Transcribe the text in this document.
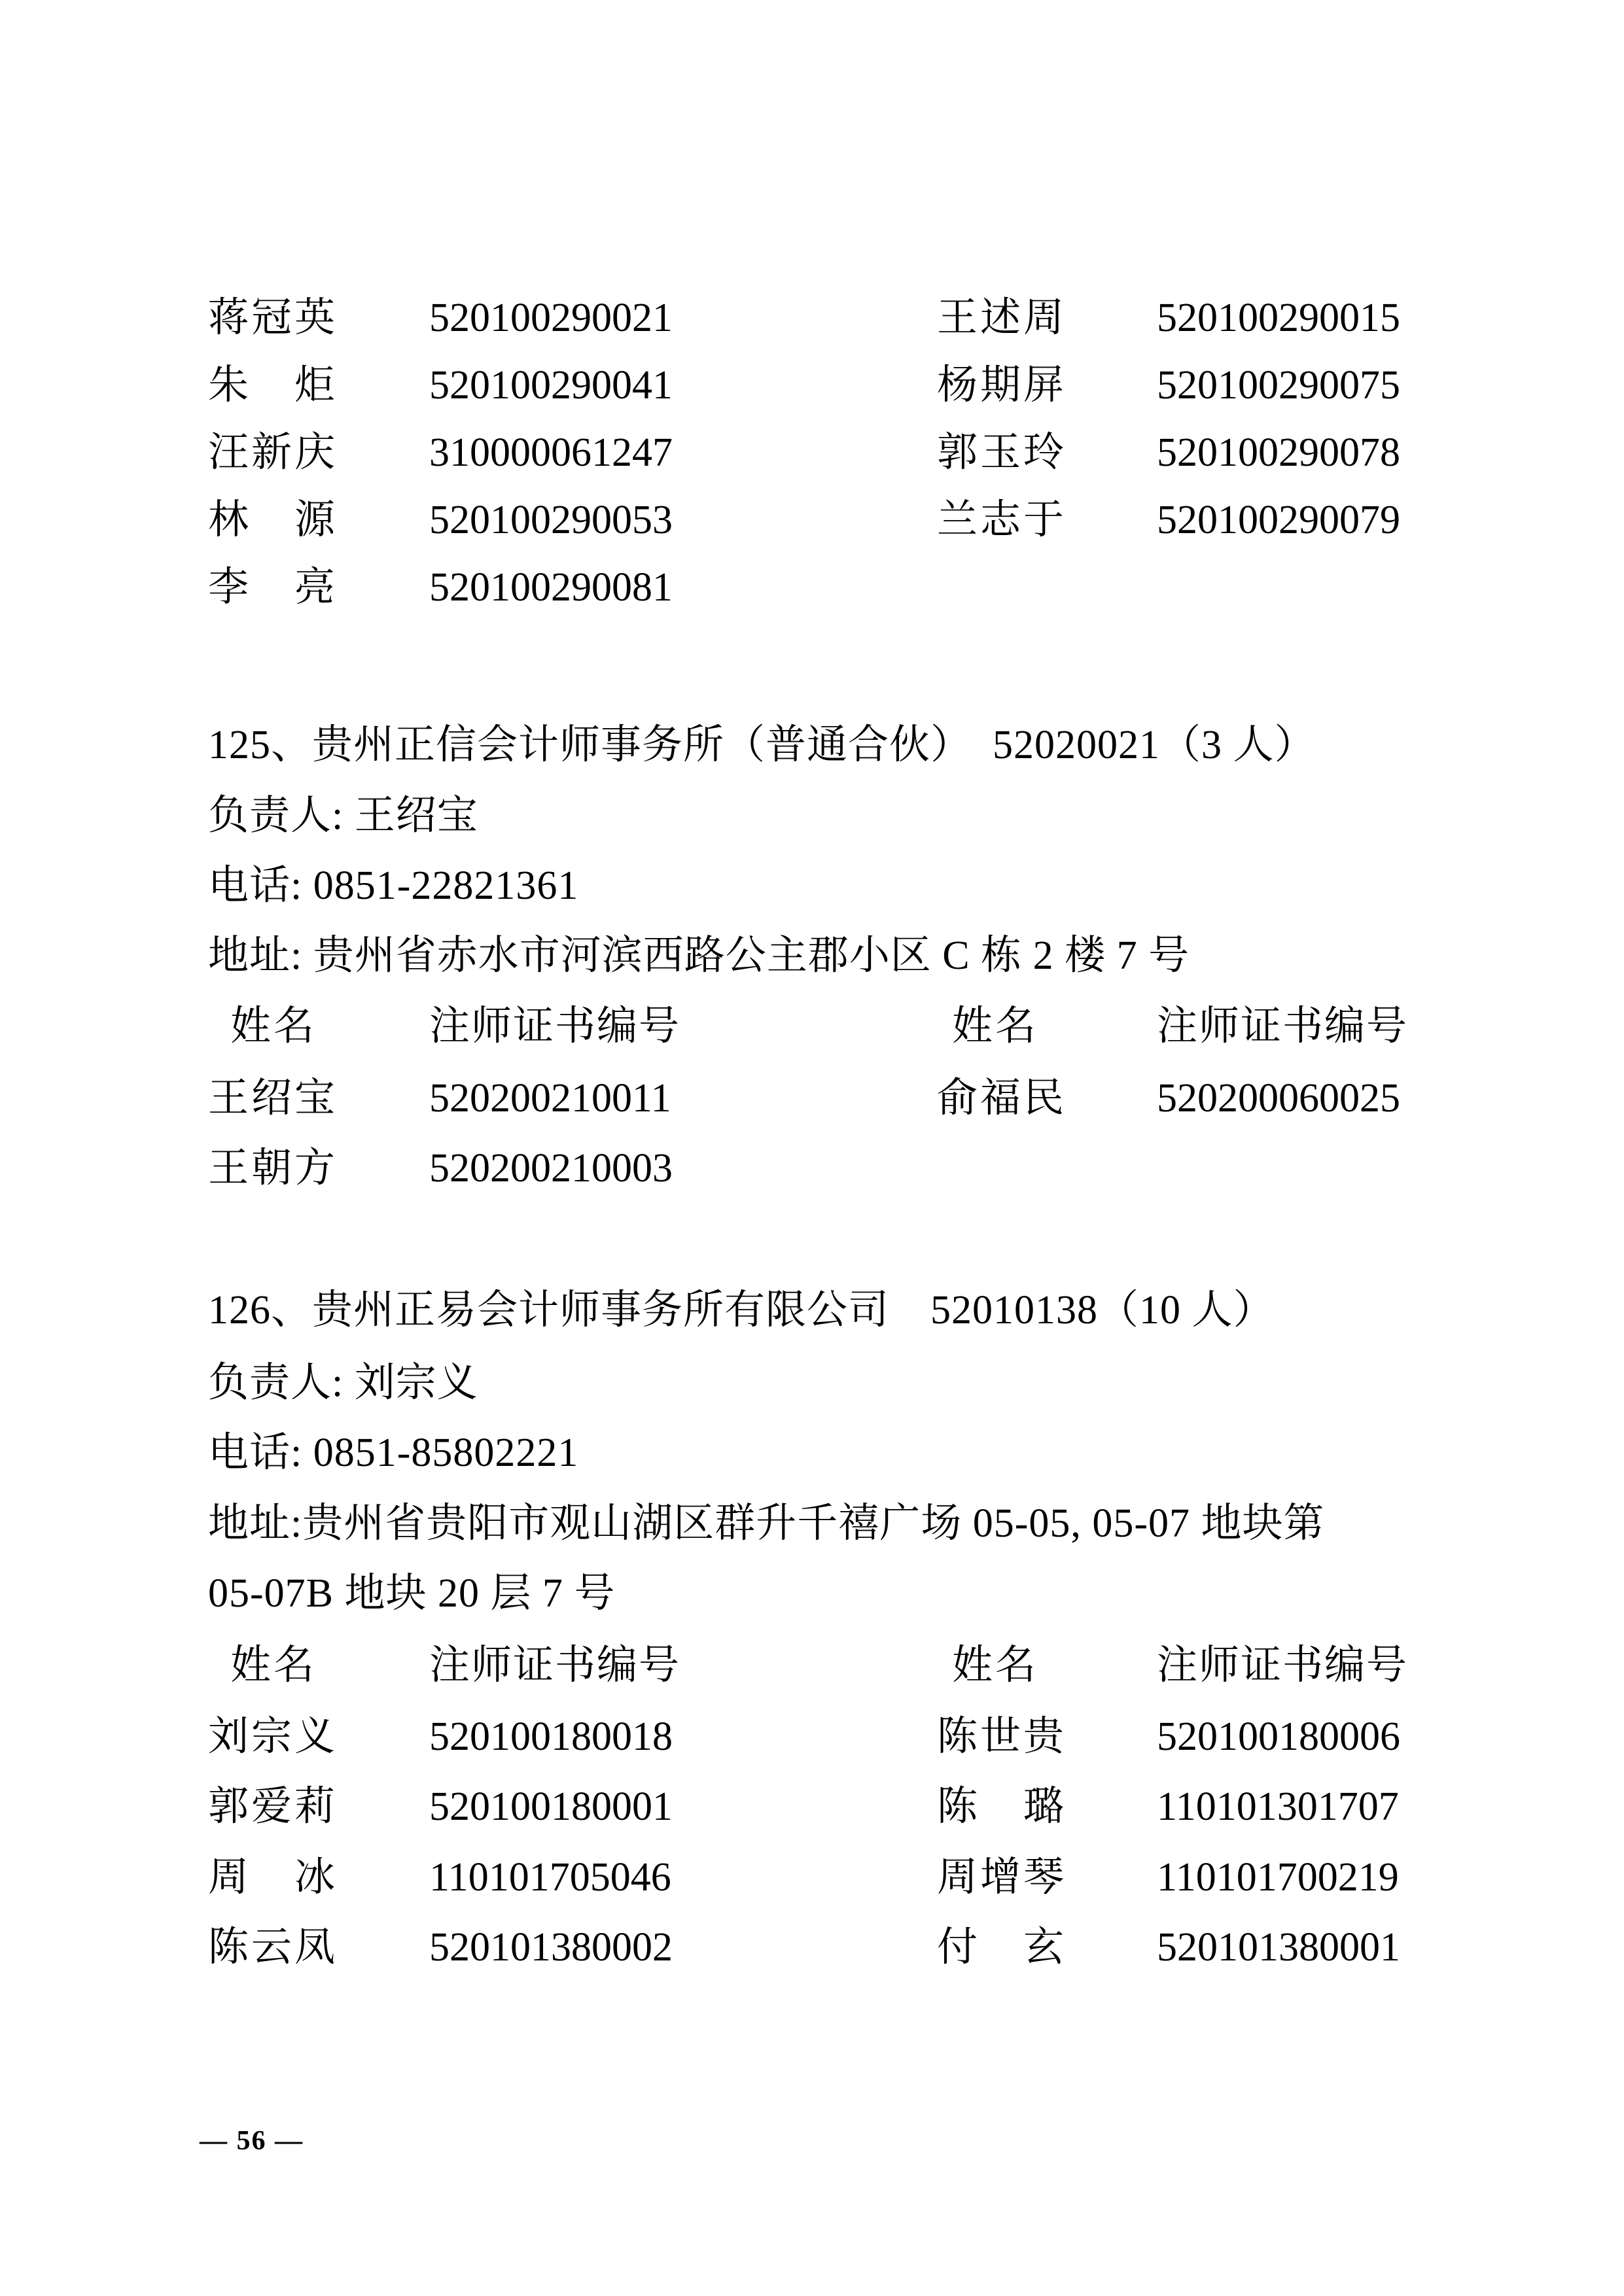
蒋冠英 520100290021	王述周 520100290015
朱　炬 520100290041	杨期屏 520100290075
汪新庆 310000061247	郭玉玲 520100290078
林　源 520100290053	兰志于 520100290079
李　亮 520100290081
125、贵州正信会计师事务所（普通合伙）　52020021（3 人）
负责人: 王绍宝
电话: 0851-22821361
地址: 贵州省赤水市河滨西路公主郡小区 C 栋 2 楼 7 号
姓名	注师证书编号	姓名	注师证书编号
王绍宝 520200210011	俞福民 520200060025
王朝方 520200210003
126、贵州正易会计师事务所有限公司　52010138（10 人）
负责人: 刘宗义
电话: 0851-85802221
地址:贵州省贵阳市观山湖区群升千禧广场 05-05, 05-07 地块第
05-07B 地块 20 层 7 号
姓名	注师证书编号	姓名	注师证书编号
刘宗义 520100180018	陈世贵 520100180006
郭爱莉 520100180001	陈　璐 110101301707
周　冰 110101705046	周增琴 110101700219
陈云凤 520101380002	付　玄 520101380001
— 56 —
